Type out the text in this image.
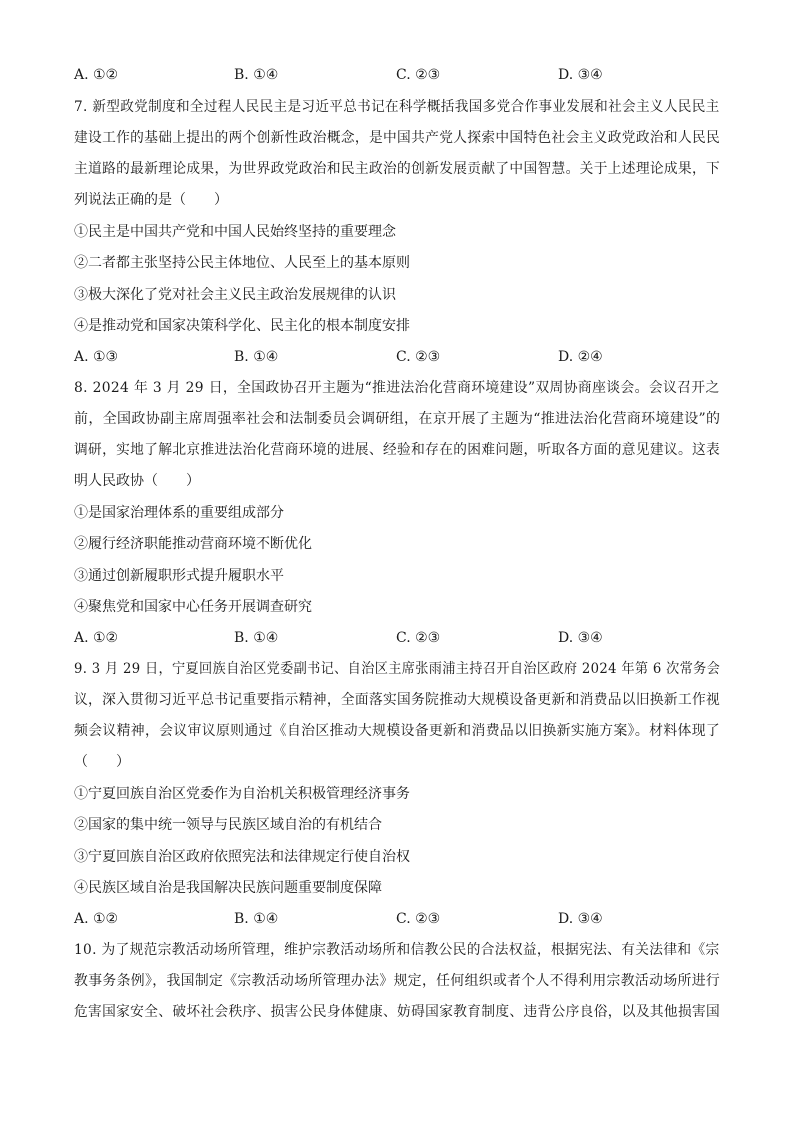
A. ①②	B. ①④	C. ②③	D. ③④
7. 新型政党制度和全过程人民民主是习近平总书记在科学概括我国多党合作事业发展和社会主义人民民主
建设工作的基础上提出的两个创新性政治概念，是中国共产党人探索中国特色社会主义政党政治和人民民
主道路的最新理论成果，为世界政党政治和民主政治的创新发展贡献了中国智慧。关于上述理论成果，下
列说法正确的是（　　）
①民主是中国共产党和中国人民始终坚持的重要理念
②二者都主张坚持公民主体地位、人民至上的基本原则
③极大深化了党对社会主义民主政治发展规律的认识
④是推动党和国家决策科学化、民主化的根本制度安排
A. ①③	B. ①④	C. ②③	D. ②④
8. 2024 年 3 月 29 日，全国政协召开主题为“推进法治化营商环境建设”双周协商座谈会。会议召开之
前，全国政协副主席周强率社会和法制委员会调研组，在京开展了主题为“推进法治化营商环境建设”的
调研，实地了解北京推进法治化营商环境的进展、经验和存在的困难问题，听取各方面的意见建议。这表
明人民政协（　　）
①是国家治理体系的重要组成部分
②履行经济职能推动营商环境不断优化
③通过创新履职形式提升履职水平
④聚焦党和国家中心任务开展调查研究
A. ①②	B. ①④	C. ②③	D. ③④
9. 3 月 29 日，宁夏回族自治区党委副书记、自治区主席张雨浦主持召开自治区政府 2024 年第 6 次常务会
议，深入贯彻习近平总书记重要指示精神，全面落实国务院推动大规模设备更新和消费品以旧换新工作视
频会议精神，会议审议原则通过《自治区推动大规模设备更新和消费品以旧换新实施方案》。材料体现了
（　　）
①宁夏回族自治区党委作为自治机关积极管理经济事务
②国家的集中统一领导与民族区域自治的有机结合
③宁夏回族自治区政府依照宪法和法律规定行使自治权
④民族区域自治是我国解决民族问题重要制度保障
A. ①②	B. ①④	C. ②③	D. ③④
10. 为了规范宗教活动场所管理，维护宗教活动场所和信教公民的合法权益，根据宪法、有关法律和《宗
教事务条例》，我国制定《宗教活动场所管理办法》规定，任何组织或者个人不得利用宗教活动场所进行
危害国家安全、破坏社会秩序、损害公民身体健康、妨碍国家教育制度、违背公序良俗，以及其他损害国
